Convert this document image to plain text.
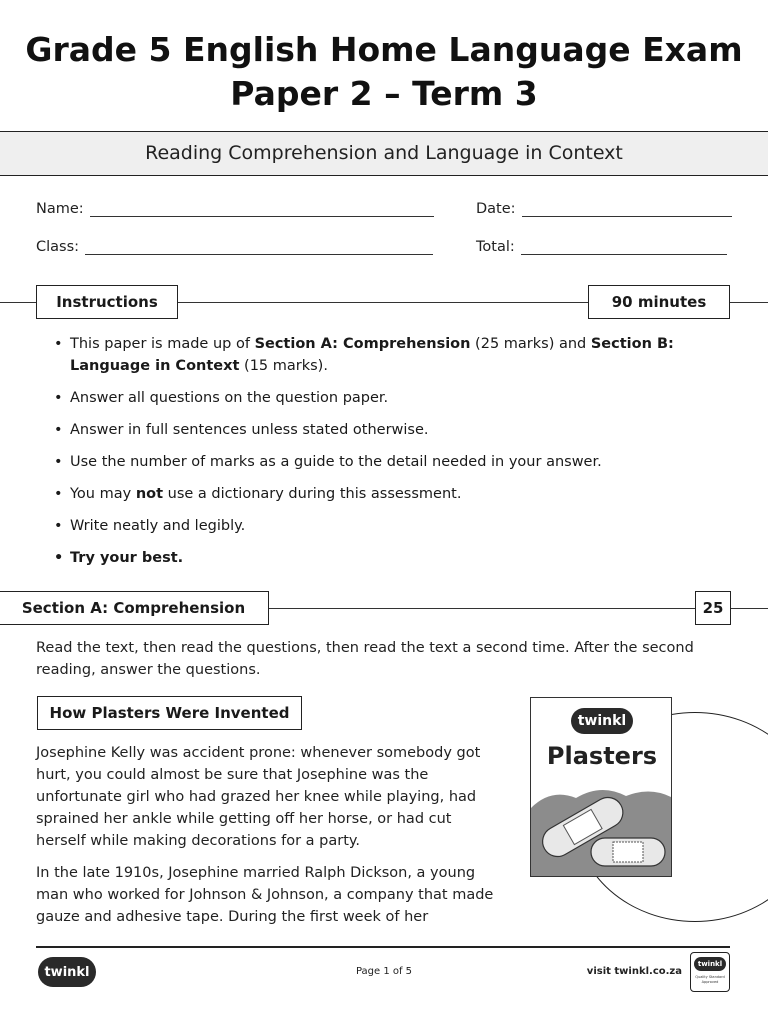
Grade 5 English Home Language Exam
Paper 2 – Term 3
Reading Comprehension and Language in Context
Name:	Date:
Class:	Total:
Instructions	90 minutes
• This paper is made up of Section A: Comprehension (25 marks) and Section B: Language in Context (15 marks).
• Answer all questions on the question paper.
• Answer in full sentences unless stated otherwise.
• Use the number of marks as a guide to the detail needed in your answer.
• You may not use a dictionary during this assessment.
• Write neatly and legibly.
• Try your best.
Section A: Comprehension	25
Read the text, then read the questions, then read the text a second time. After the second reading, answer the questions.
How Plasters Were Invented
Josephine Kelly was accident prone: whenever somebody got hurt, you could almost be sure that Josephine was the unfortunate girl who had grazed her knee while playing, had sprained her ankle while getting off her horse, or had cut herself while making decorations for a party.
In the late 1910s, Josephine married Ralph Dickson, a young man who worked for Johnson & Johnson, a company that made gauze and adhesive tape. During the first week of her
twinkl
Plasters
twinkl	Page 1 of 5	visit twinkl.co.za
twinkl
Quality Standard Approved
